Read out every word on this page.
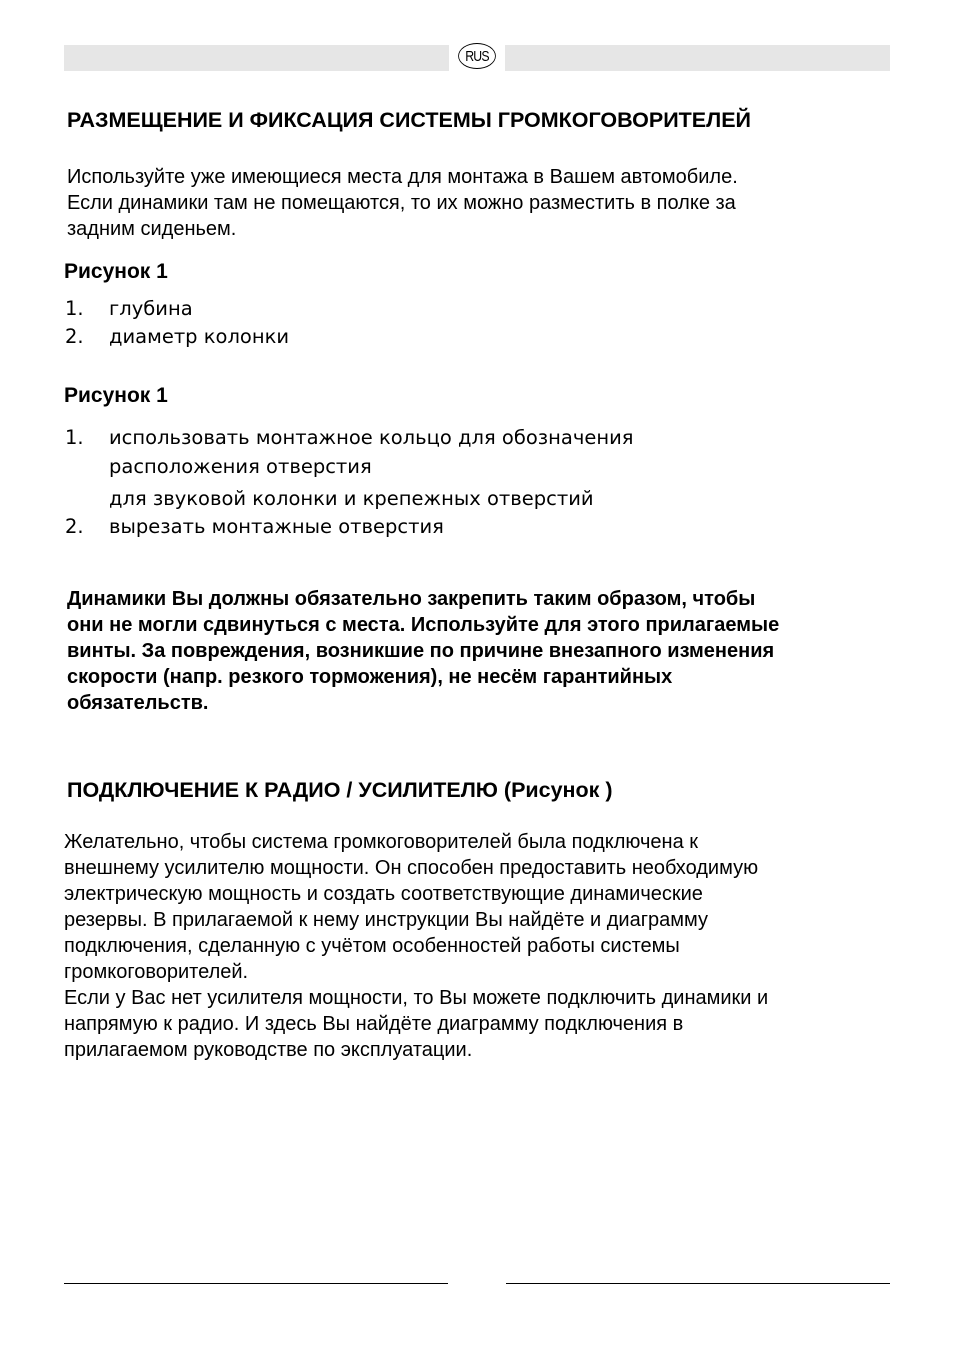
RUS
РАЗМЕЩЕНИЕ И ФИКСАЦИЯ СИСТЕМЫ ГРОМКОГОВОРИТЕЛЕЙ
Используйте уже имеющиеся места для монтажа в Вашем автомобиле.
Если динамики там не помещаются, то их можно разместить в полке за
задним сиденьем.
Рисунок 1
1. глубина
2. диаметр колонки
Рисунок 1
1. использовать монтажное кольцо для обозначения
расположения отверстия
для звуковой колонки и крепежных отверстий
2. вырезать монтажные отверстия
Динамики Вы должны обязательно закрепить таким образом, чтобы
они не могли сдвинуться с места. Используйте для этого прилагаемые
винты. За повреждения, возникшие по причине внезапного изменения
скорости (напр. резкого торможения), не несём гарантийных
обязательств.
ПОДКЛЮЧЕНИЕ К РАДИО / УСИЛИТЕЛЮ (Рисунок )
Желательно, чтобы система громкоговорителей была подключена к
внешнему усилителю мощности. Он способен предоставить необходимую
электрическую мощность и создать соответствующие динамические
резервы. В прилагаемой к нему инструкции Вы найдёте и диаграмму
подключения, сделанную с учётом особенностей работы системы
громкоговорителей.
Если у Вас нет усилителя мощности, то Вы можете подключить динамики и
напрямую к радио. И здесь Вы найдёте диаграмму подключения в
прилагаемом руководстве по эксплуатации.
